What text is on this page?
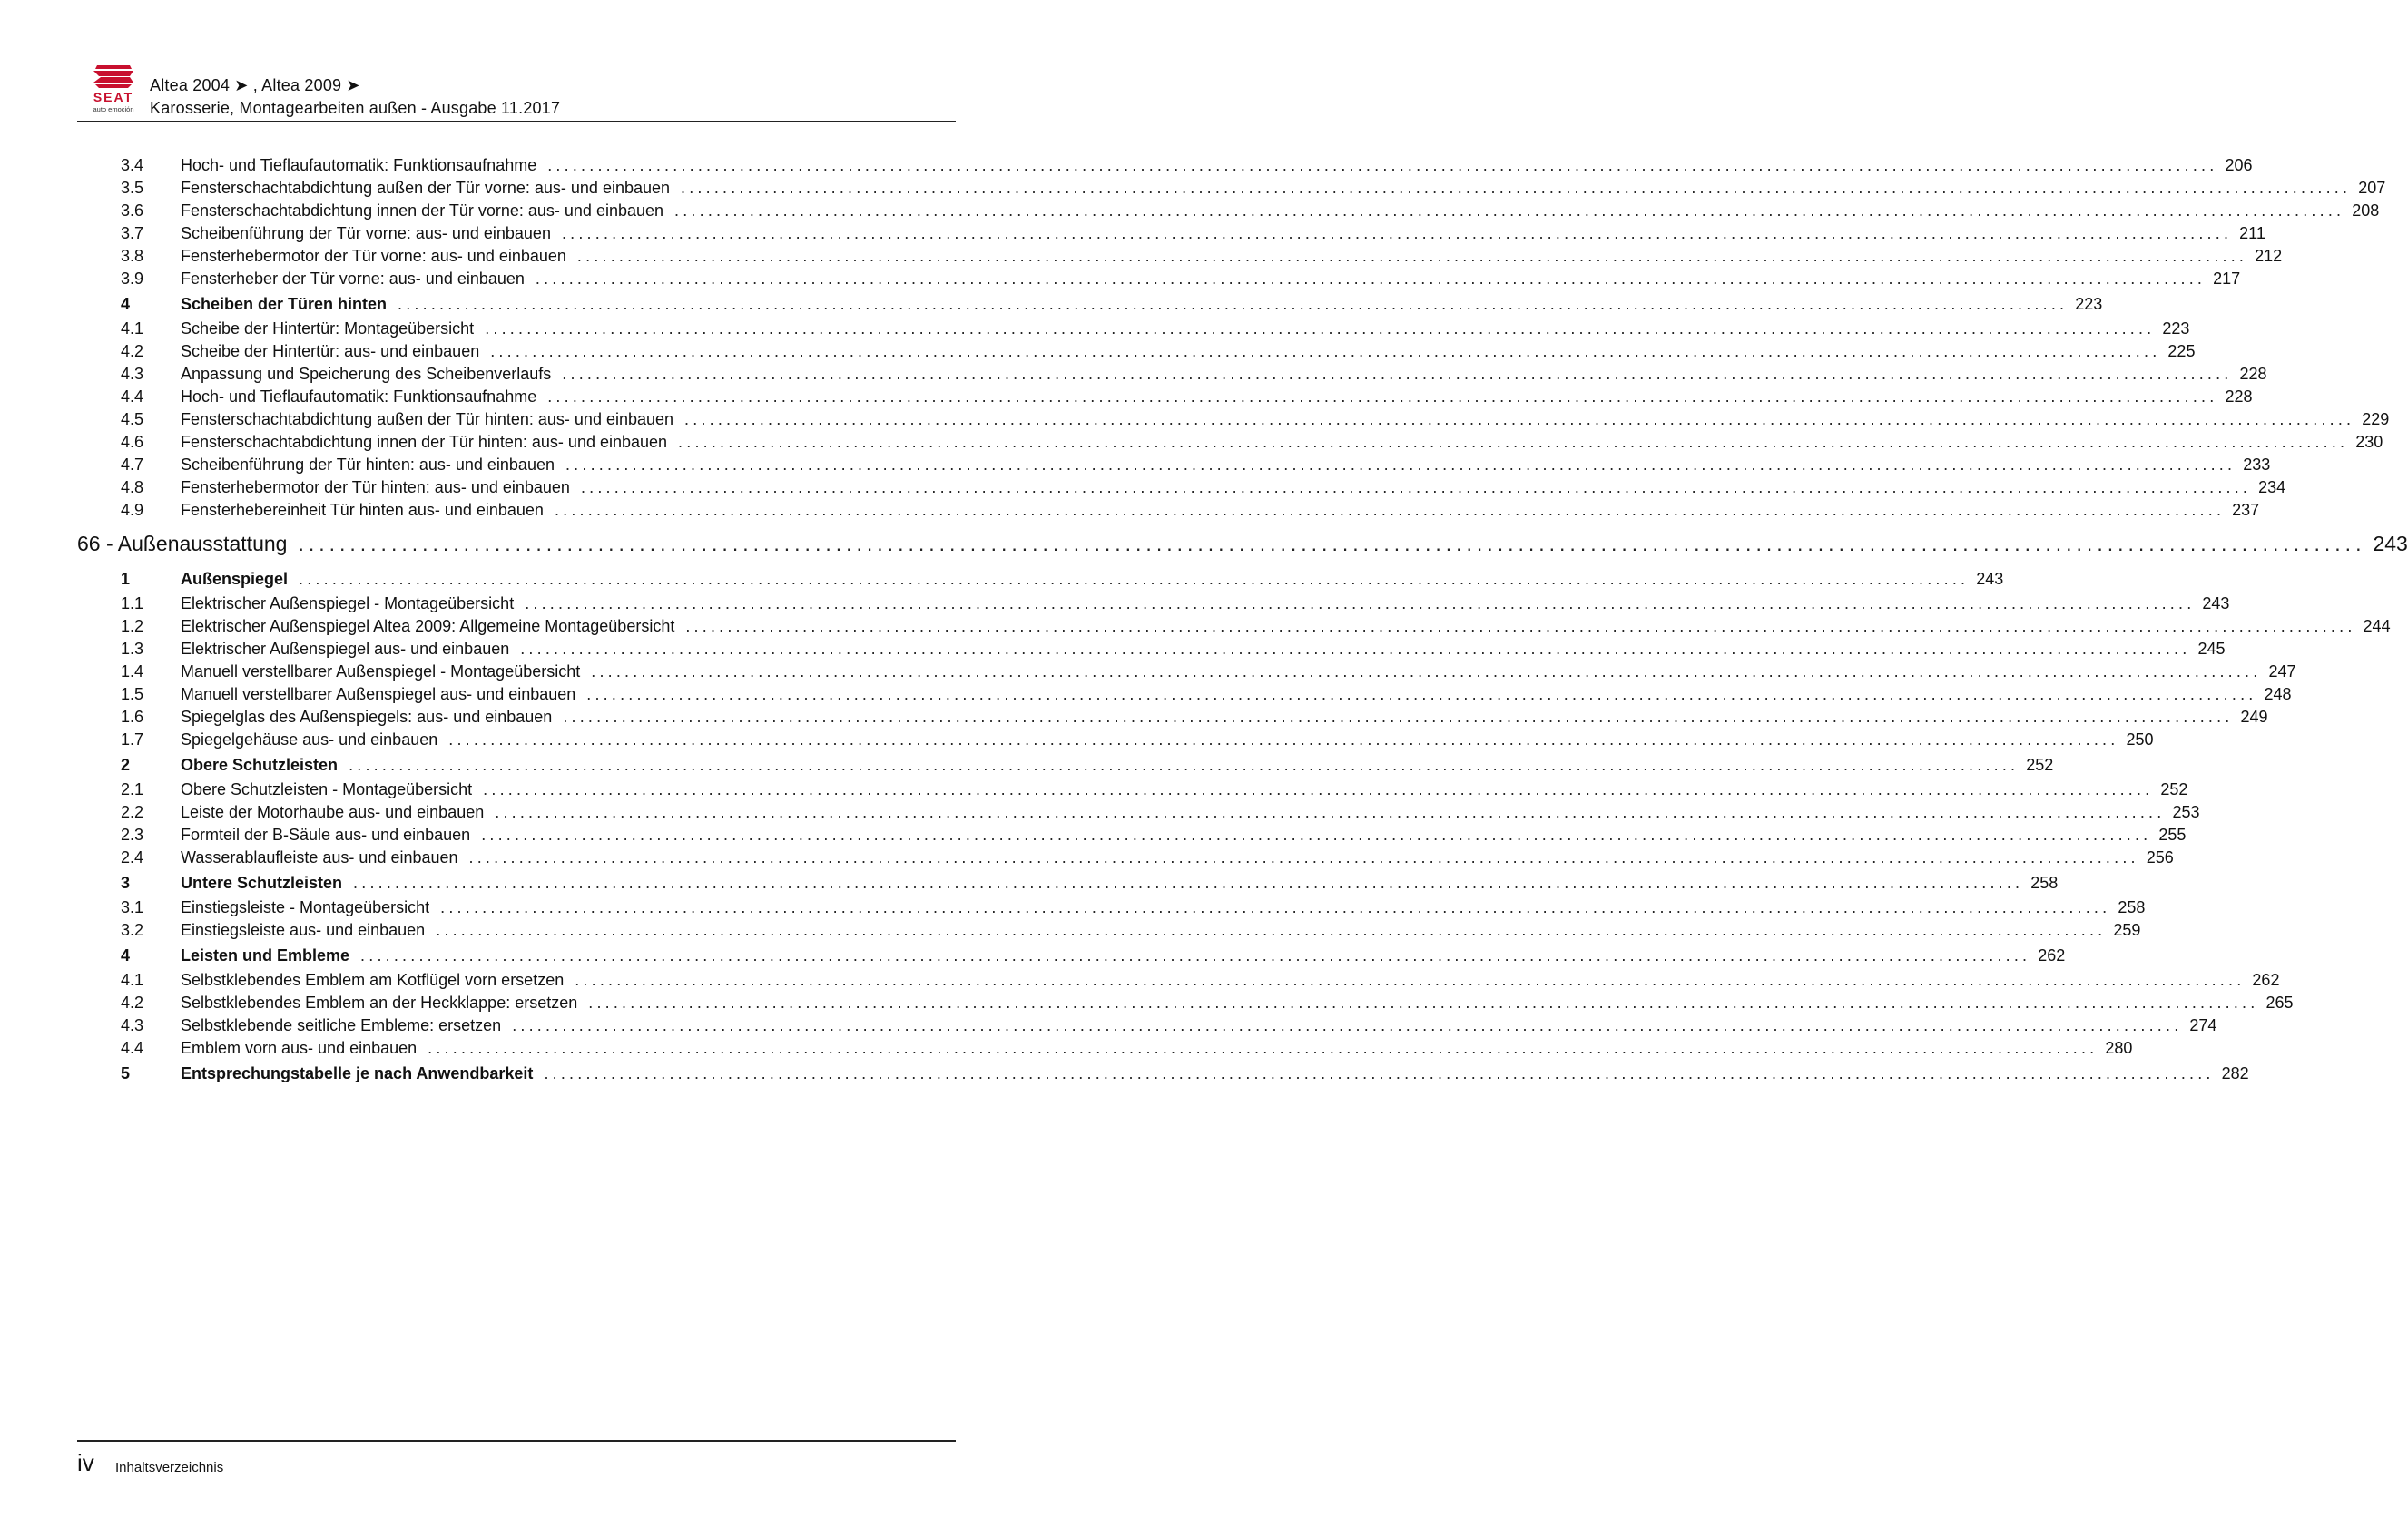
SEAT
auto emoción
Altea 2004 ➤ , Altea 2009 ➤
Karosserie, Montagearbeiten außen - Ausgabe 11.2017
3.4 Hoch- und Tieflaufautomatik: Funktionsaufnahme ........................................................................................................................................................................................................ 206
3.5 Fensterschachtabdichtung außen der Tür vorne: aus- und einbauen ........................................................................................................................................................................................................ 207
3.6 Fensterschachtabdichtung innen der Tür vorne: aus- und einbauen ........................................................................................................................................................................................................ 208
3.7 Scheibenführung der Tür vorne: aus- und einbauen ........................................................................................................................................................................................................ 211
3.8 Fensterhebermotor der Tür vorne: aus- und einbauen ........................................................................................................................................................................................................ 212
3.9 Fensterheber der Tür vorne: aus- und einbauen ........................................................................................................................................................................................................ 217
4	Scheiben der Türen hinten ........................................................................................................................................................................................................ 223
4.1 Scheibe der Hintertür: Montageübersicht ........................................................................................................................................................................................................ 223
4.2 Scheibe der Hintertür: aus- und einbauen ........................................................................................................................................................................................................ 225
4.3 Anpassung und Speicherung des Scheibenverlaufs ........................................................................................................................................................................................................ 228
4.4 Hoch- und Tieflaufautomatik: Funktionsaufnahme ........................................................................................................................................................................................................ 228
4.5 Fensterschachtabdichtung außen der Tür hinten: aus- und einbauen ........................................................................................................................................................................................................ 229
4.6 Fensterschachtabdichtung innen der Tür hinten: aus- und einbauen ........................................................................................................................................................................................................ 230
4.7 Scheibenführung der Tür hinten: aus- und einbauen ........................................................................................................................................................................................................ 233
4.8 Fensterhebermotor der Tür hinten: aus- und einbauen ........................................................................................................................................................................................................ 234
4.9 Fensterhebereinheit Tür hinten aus- und einbauen ........................................................................................................................................................................................................ 237
66 - Außenausstattung ........................................................................................................................................................................................................ 243
1	Außenspiegel ........................................................................................................................................................................................................ 243
1.1 Elektrischer Außenspiegel - Montageübersicht ........................................................................................................................................................................................................ 243
1.2 Elektrischer Außenspiegel Altea 2009: Allgemeine Montageübersicht ........................................................................................................................................................................................................ 244
1.3 Elektrischer Außenspiegel aus- und einbauen ........................................................................................................................................................................................................ 245
1.4 Manuell verstellbarer Außenspiegel - Montageübersicht ........................................................................................................................................................................................................ 247
1.5 Manuell verstellbarer Außenspiegel aus- und einbauen ........................................................................................................................................................................................................ 248
1.6 Spiegelglas des Außenspiegels: aus- und einbauen ........................................................................................................................................................................................................ 249
1.7 Spiegelgehäuse aus- und einbauen ........................................................................................................................................................................................................ 250
2	Obere Schutzleisten ........................................................................................................................................................................................................ 252
2.1 Obere Schutzleisten - Montageübersicht ........................................................................................................................................................................................................ 252
2.2 Leiste der Motorhaube aus- und einbauen ........................................................................................................................................................................................................ 253
2.3 Formteil der B-Säule aus- und einbauen ........................................................................................................................................................................................................ 255
2.4 Wasserablaufleiste aus- und einbauen ........................................................................................................................................................................................................ 256
3	Untere Schutzleisten ........................................................................................................................................................................................................ 258
3.1 Einstiegsleiste - Montageübersicht ........................................................................................................................................................................................................ 258
3.2 Einstiegsleiste aus- und einbauen ........................................................................................................................................................................................................ 259
4	Leisten und Embleme ........................................................................................................................................................................................................ 262
4.1 Selbstklebendes Emblem am Kotflügel vorn ersetzen ........................................................................................................................................................................................................ 262
4.2 Selbstklebendes Emblem an der Heckklappe: ersetzen ........................................................................................................................................................................................................ 265
4.3 Selbstklebende seitliche Embleme: ersetzen ........................................................................................................................................................................................................ 274
4.4 Emblem vorn aus- und einbauen ........................................................................................................................................................................................................ 280
5	Entsprechungstabelle je nach Anwendbarkeit ........................................................................................................................................................................................................ 282
iv Inhaltsverzeichnis
